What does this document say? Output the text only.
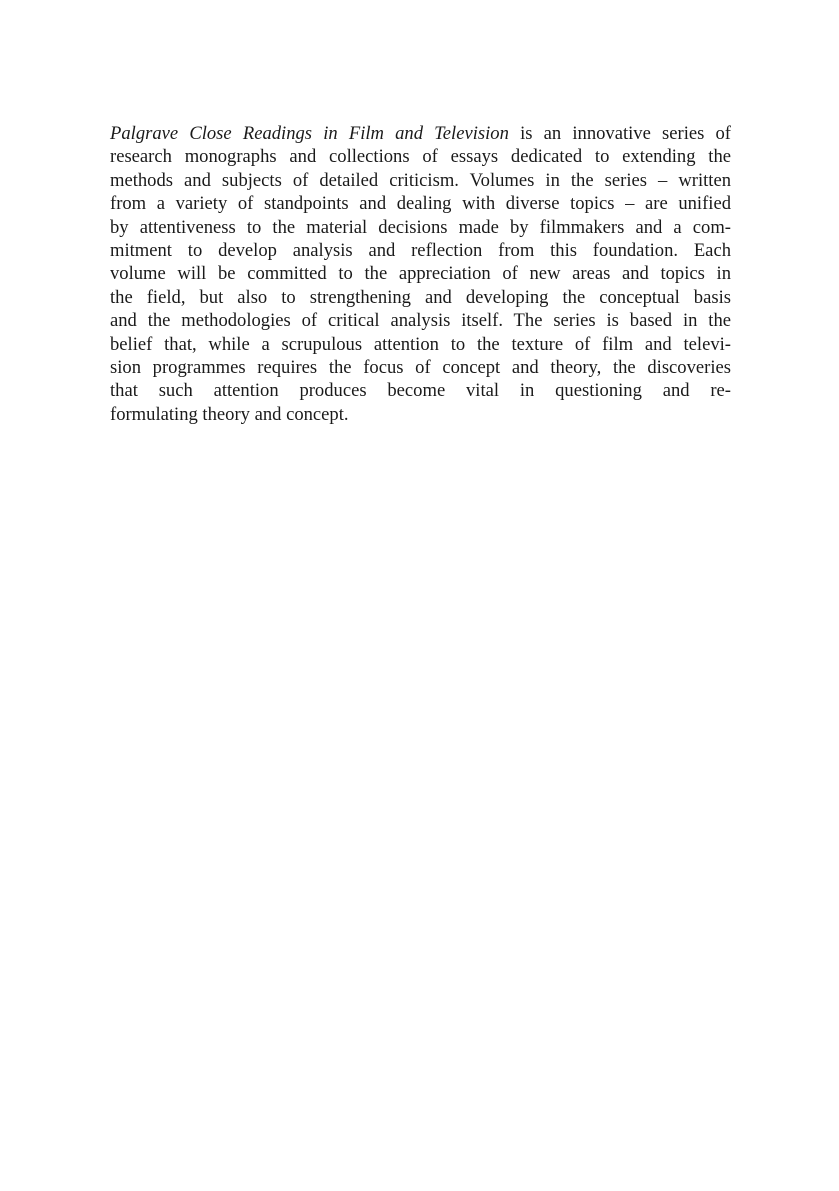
Palgrave Close Readings in Film and Television is an innovative series of
research monographs and collections of essays dedicated to extending the
methods and subjects of detailed criticism. Volumes in the series – written
from a variety of standpoints and dealing with diverse topics – are unified
by attentiveness to the material decisions made by filmmakers and a com-
mitment to develop analysis and reflection from this foundation. Each
volume will be committed to the appreciation of new areas and topics in
the field, but also to strengthening and developing the conceptual basis
and the methodologies of critical analysis itself. The series is based in the
belief that, while a scrupulous attention to the texture of film and televi-
sion programmes requires the focus of concept and theory, the discoveries
that such attention produces become vital in questioning and re-
formulating theory and concept.
